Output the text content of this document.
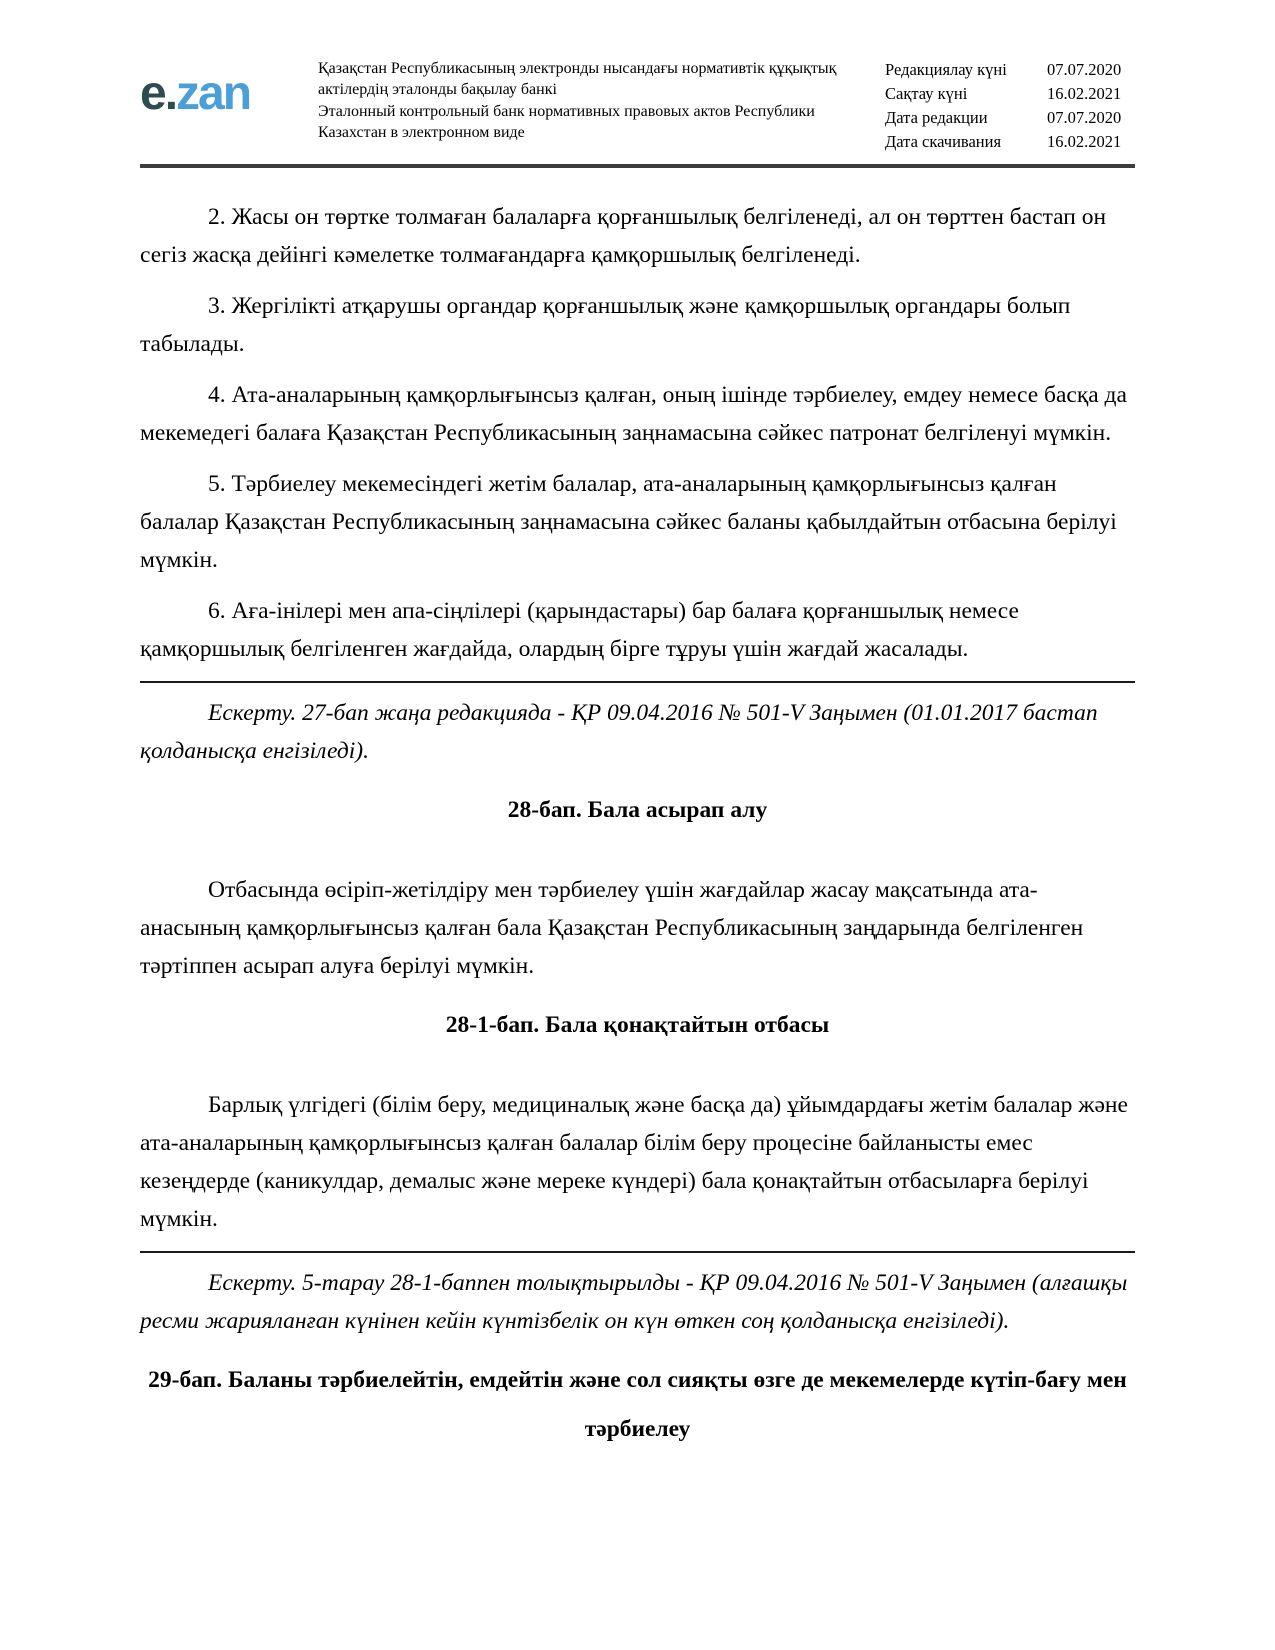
e.zan	Қазақстан Республикасының электронды нысандағы нормативтік құқықтық актілердің эталонды бақылау банкі

Эталонный контрольный банк нормативных правовых актов Республики Казахстан в электронном виде

Редакциялау күні	07.07.2020
Сақтау күні	16.02.2021
Дата редакции	07.07.2020
Дата скачивания	16.02.2021

2. Жасы он төртке толмаған балаларға қорғаншылық белгіленеді, ал он төрттен бастап он сегіз жасқа дейінгі кәмелетке толмағандарға қамқоршылық белгіленеді.

3. Жергілікті атқарушы органдар қорғаншылық және қамқоршылық органдары болып табылады.

4. Ата-аналарының қамқорлығынсыз қалған, оның ішінде тәрбиелеу, емдеу немесе басқа да мекемедегі балаға Қазақстан Республикасының заңнамасына сәйкес патронат белгіленуі мүмкін.

5. Тәрбиелеу мекемесіндегі жетім балалар, ата-аналарының қамқорлығынсыз қалған балалар Қазақстан Республикасының заңнамасына сәйкес баланы қабылдайтын отбасына берілуі мүмкін.

6. Аға-інілері мен апа-сіңлілері (қарындастары) бар балаға қорғаншылық немесе қамқоршылық белгіленген жағдайда, олардың бірге тұруы үшін жағдай жасалады.

Ескерту. 27-бап жаңа редакцияда - ҚР 09.04.2016 № 501-V Заңымен (01.01.2017 бастап қолданысқа енгізіледі).

28-бап. Бала асырап алу

Отбасында өсіріп-жетілдіру мен тәрбиелеу үшін жағдайлар жасау мақсатында ата-анасының қамқорлығынсыз қалған бала Қазақстан Республикасының заңдарында белгіленген тәртіппен асырап алуға берілуі мүмкін.

28-1-бап. Бала қонақтайтын отбасы

Барлық үлгідегі (білім беру, медициналық және басқа да) ұйымдардағы жетім балалар және ата-аналарының қамқорлығынсыз қалған балалар білім беру процесіне байланысты емес кезеңдерде (каникулдар, демалыс және мереке күндері) бала қонақтайтын отбасыларға берілуі мүмкін.

Ескерту. 5-тарау 28-1-баппен толықтырылды - ҚР 09.04.2016 № 501-V Заңымен (алғашқы ресми жарияланған күнінен кейін күнтізбелік он күн өткен соң қолданысқа енгізіледі).

29-бап. Баланы тәрбиелейтін, емдейтін және сол сияқты өзге де мекемелерде күтіп-бағу мен тәрбиелеу
